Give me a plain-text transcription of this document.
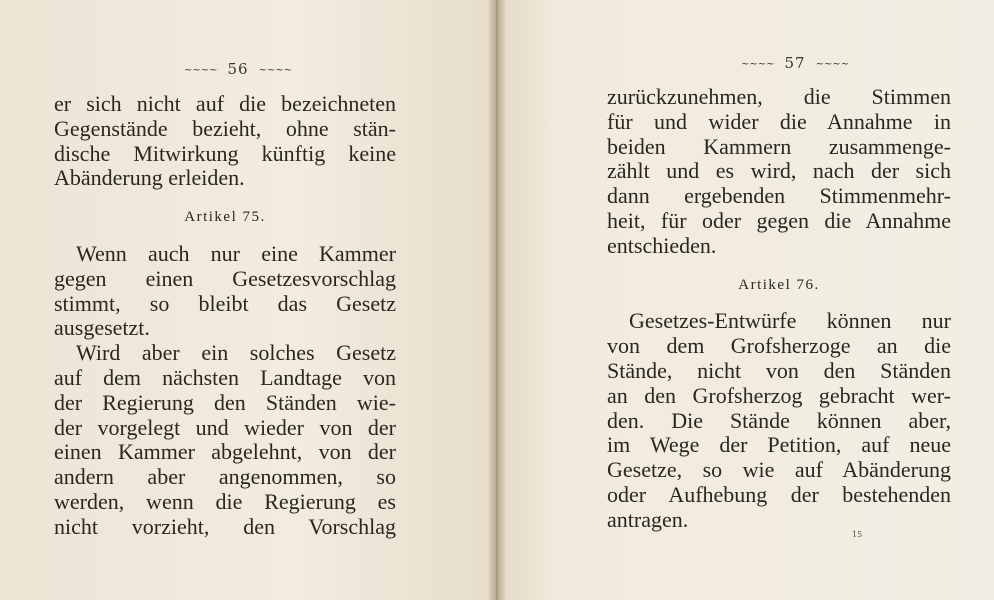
~~~~ 56 ~~~~
er sich nicht auf die bezeichneten
Gegenstände bezieht, ohne stän-
dische Mitwirkung künftig keine
Abänderung erleiden.
Artikel 75.
Wenn auch nur eine Kammer
gegen einen Gesetzesvorschlag
stimmt, so bleibt das Gesetz
ausgesetzt.
Wird aber ein solches Gesetz
auf dem nächsten Landtage von
der Regierung den Ständen wie-
der vorgelegt und wieder von der
einen Kammer abgelehnt, von der
andern aber angenommen, so
werden, wenn die Regierung es
nicht vorzieht, den Vorschlag
~~~~ 57 ~~~~
zurückzunehmen, die Stimmen
für und wider die Annahme in
beiden Kammern zusammenge-
zählt und es wird, nach der sich
dann ergebenden Stimmenmehr-
heit, für oder gegen die Annahme
entschieden.
Artikel 76.
Gesetzes-Entwürfe können nur
von dem Grofsherzoge an die
Stände, nicht von den Ständen
an den Grofsherzog gebracht wer-
den. Die Stände können aber,
im Wege der Petition, auf neue
Gesetze, so wie auf Abänderung
oder Aufhebung der bestehenden
antragen.
15
